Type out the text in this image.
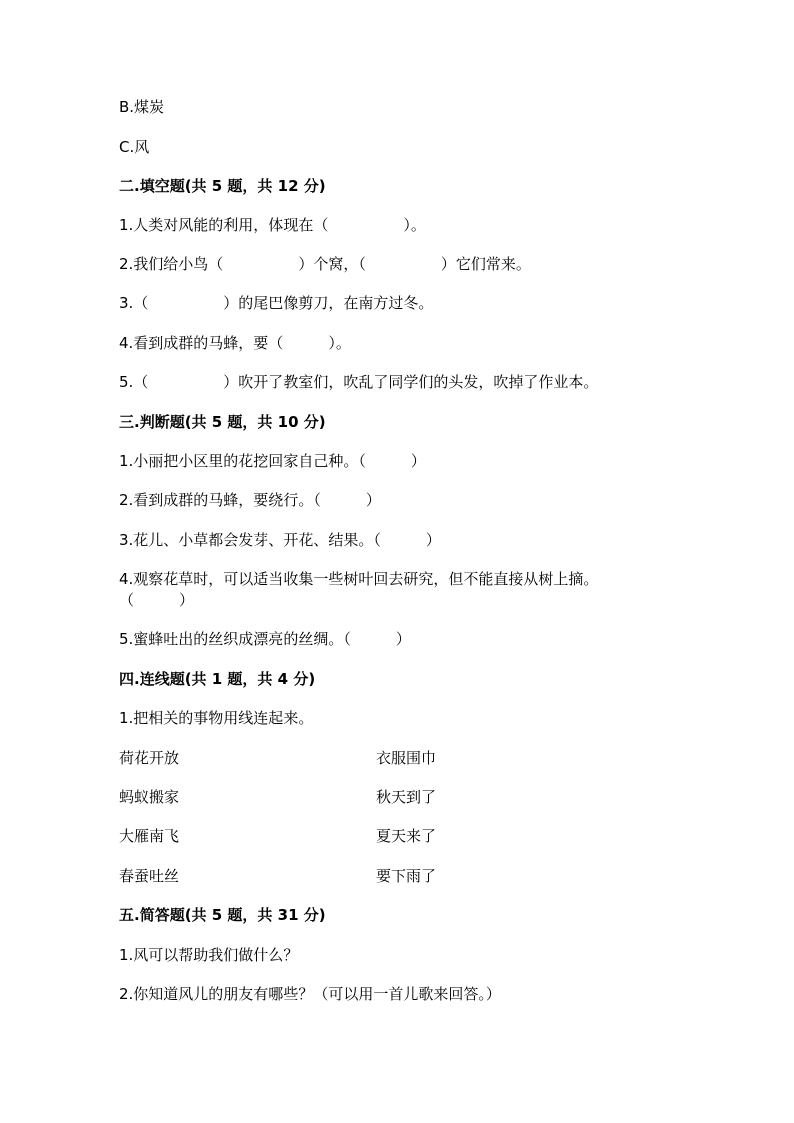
B.煤炭
C.风
二.填空题(共 5 题，共 12 分)
1.人类对风能的利用，体现在（　　　　　）。
2.我们给小鸟（　　　　　）个窝，（　　　　　）它们常来。
3.（　　　　　）的尾巴像剪刀，在南方过冬。
4.看到成群的马蜂，要（　　　）。
5.（　　　　　）吹开了教室们，吹乱了同学们的头发，吹掉了作业本。
三.判断题(共 5 题，共 10 分)
1.小丽把小区里的花挖回家自己种。（　　　）
2.看到成群的马蜂，要绕行。（　　　）
3.花儿、小草都会发芽、开花、结果。（　　　）
4.观察花草时，可以适当收集一些树叶回去研究，但不能直接从树上摘。
（　　　）
5.蜜蜂吐出的丝织成漂亮的丝绸。（　　　）
四.连线题(共 1 题，共 4 分)
1.把相关的事物用线连起来。
荷花开放	衣服围巾
蚂蚁搬家	秋天到了
大雁南飞	夏天来了
春蚕吐丝	要下雨了
五.简答题(共 5 题，共 31 分)
1.风可以帮助我们做什么？
2.你知道风儿的朋友有哪些？（可以用一首儿歌来回答。）
